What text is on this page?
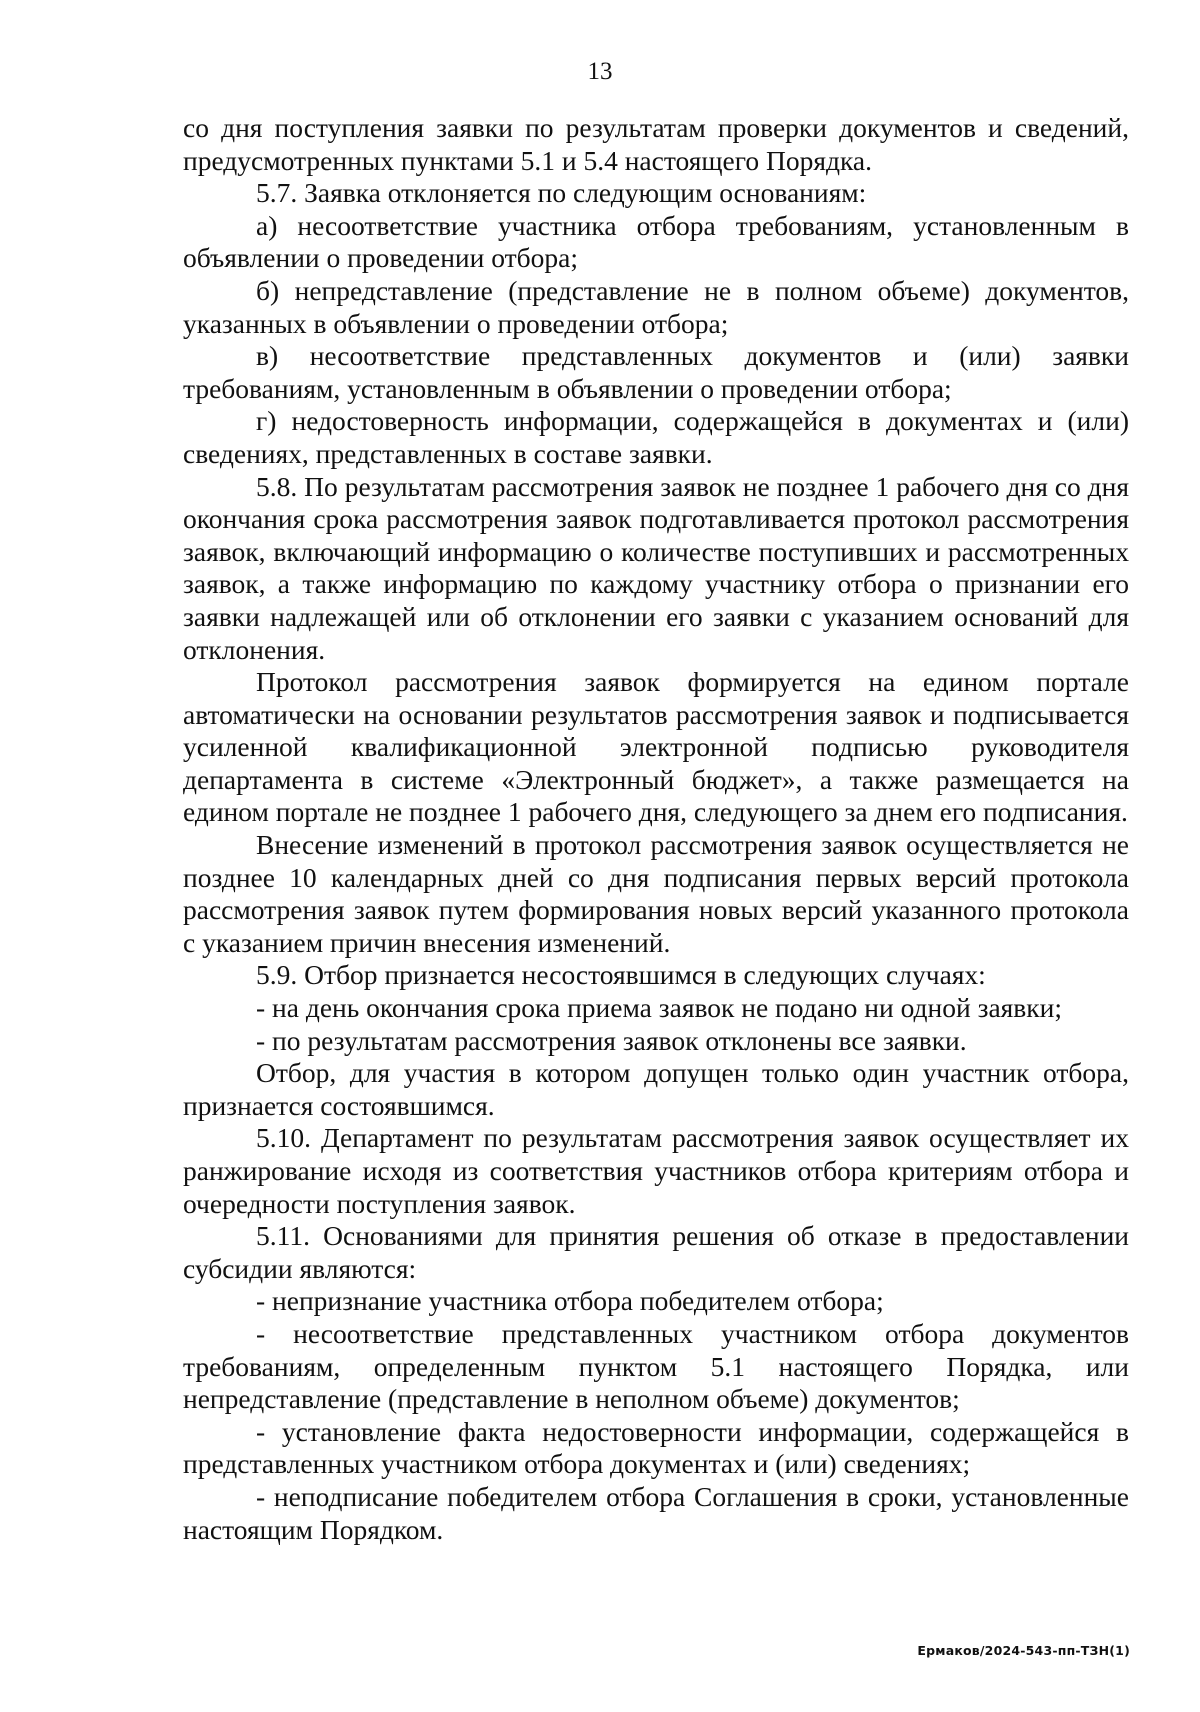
13

со дня поступления заявки по результатам проверки документов и сведений, предусмотренных пунктами 5.1 и 5.4 настоящего Порядка.

5.7. Заявка отклоняется по следующим основаниям:

а) несоответствие участника отбора требованиям, установленным в объявлении о проведении отбора;

б) непредставление (представление не в полном объеме) документов, указанных в объявлении о проведении отбора;

в) несоответствие представленных документов и (или) заявки требованиям, установленным в объявлении о проведении отбора;

г) недостоверность информации, содержащейся в документах и (или) сведениях, представленных в составе заявки.

5.8. По результатам рассмотрения заявок не позднее 1 рабочего дня со дня окончания срока рассмотрения заявок подготавливается протокол рассмотрения заявок, включающий информацию о количестве поступивших и рассмотренных заявок, а также информацию по каждому участнику отбора о признании его заявки надлежащей или об отклонении его заявки с указанием оснований для отклонения.

Протокол рассмотрения заявок формируется на едином портале автоматически на основании результатов рассмотрения заявок и подписывается усиленной квалификационной электронной подписью руководителя департамента в системе «Электронный бюджет», а также размещается на едином портале не позднее 1 рабочего дня, следующего за днем его подписания.

Внесение изменений в протокол рассмотрения заявок осуществляется не позднее 10 календарных дней со дня подписания первых версий протокола рассмотрения заявок путем формирования новых версий указанного протокола с указанием причин внесения изменений.

5.9. Отбор признается несостоявшимся в следующих случаях:

- на день окончания срока приема заявок не подано ни одной заявки;

- по результатам рассмотрения заявок отклонены все заявки.

Отбор, для участия в котором допущен только один участник отбора, признается состоявшимся.

5.10. Департамент по результатам рассмотрения заявок осуществляет их ранжирование исходя из соответствия участников отбора критериям отбора и очередности поступления заявок.

5.11. Основаниями для принятия решения об отказе в предоставлении субсидии являются:

- непризнание участника отбора победителем отбора;

- несоответствие представленных участником отбора документов требованиям, определенным пунктом 5.1 настоящего Порядка, или непредставление (представление в неполном объеме) документов;

- установление факта недостоверности информации, содержащейся в представленных участником отбора документах и (или) сведениях;

- неподписание победителем отбора Соглашения в сроки, установленные настоящим Порядком.

Ермаков/2024-543-пп-ТЗН(1)
